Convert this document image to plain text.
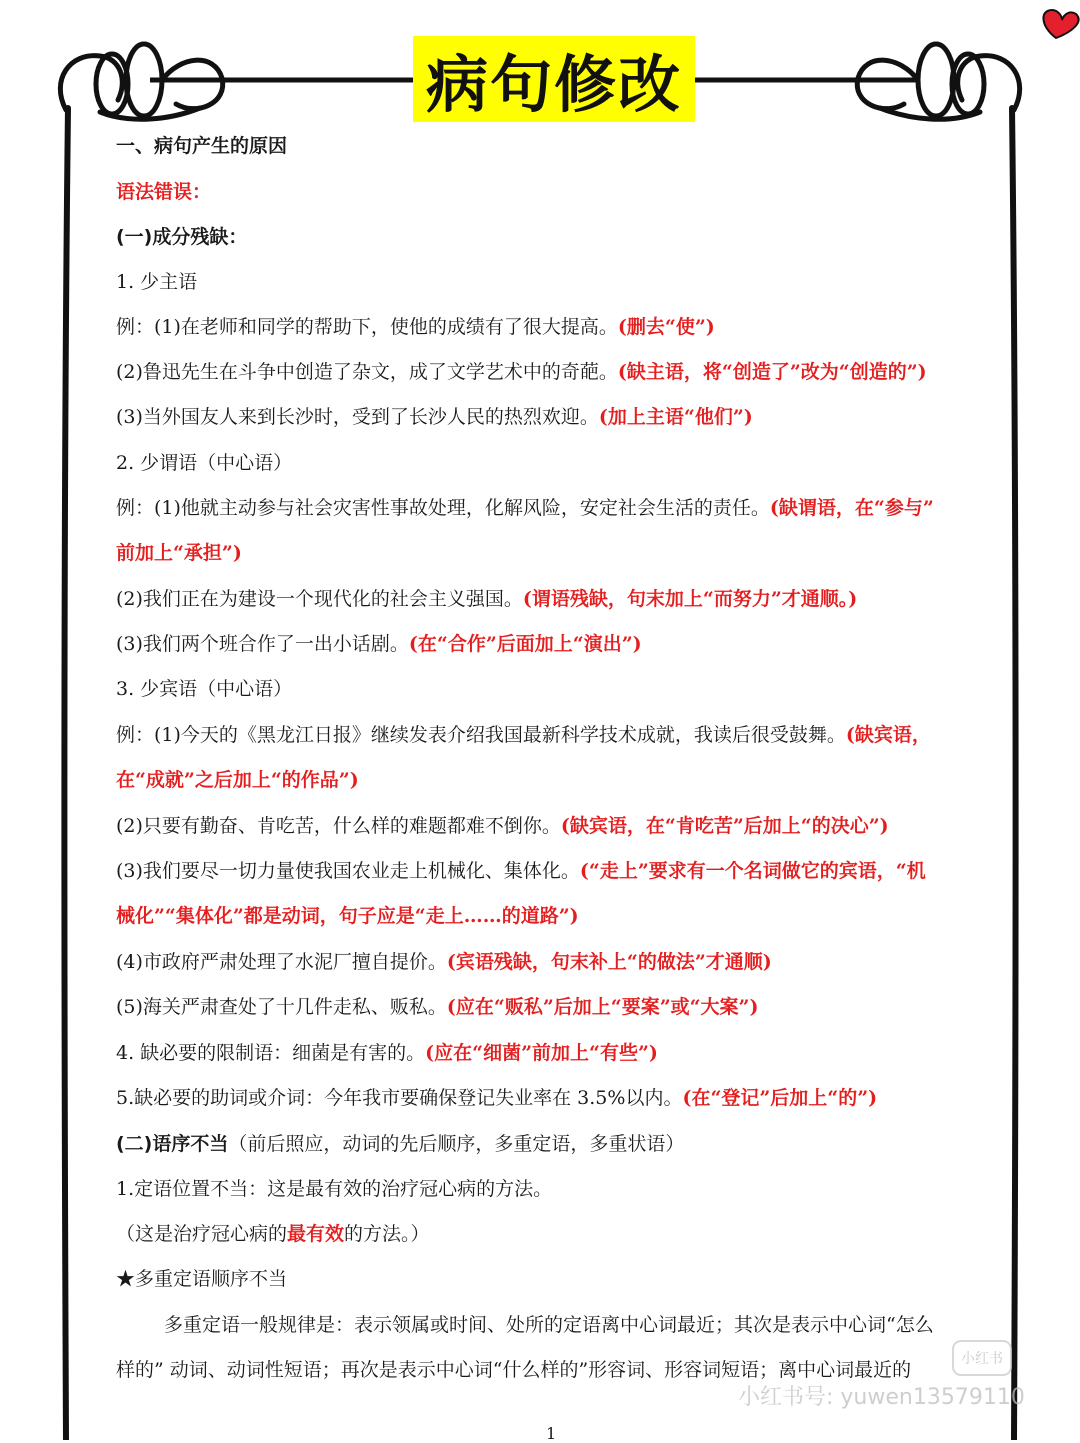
病句修改
一、病句产生的原因
语法错误：
(一)成分残缺：
1. 少主语
例：(1)在老师和同学的帮助下，使他的成绩有了很大提高。(删去“使”)
(2)鲁迅先生在斗争中创造了杂文，成了文学艺术中的奇葩。(缺主语，将“创造了”改为“创造的”)
(3)当外国友人来到长沙时，受到了长沙人民的热烈欢迎。(加上主语“他们”)
2. 少谓语（中心语）
例：(1)他就主动参与社会灾害性事故处理，化解风险，安定社会生活的责任。(缺谓语，在“参与”
前加上“承担”)
(2)我们正在为建设一个现代化的社会主义强国。(谓语残缺，句末加上“而努力”才通顺。)
(3)我们两个班合作了一出小话剧。(在“合作”后面加上“演出”)
3. 少宾语（中心语）
例：(1)今天的《黑龙江日报》继续发表介绍我国最新科学技术成就，我读后很受鼓舞。(缺宾语，
在“成就”之后加上“的作品”)
(2)只要有勤奋、肯吃苦，什么样的难题都难不倒你。(缺宾语，在“肯吃苦”后加上“的决心”)
(3)我们要尽一切力量使我国农业走上机械化、集体化。(“走上”要求有一个名词做它的宾语，“机
械化”“集体化”都是动词，句子应是“走上……的道路”)
(4)市政府严肃处理了水泥厂擅自提价。(宾语残缺，句末补上“的做法”才通顺)
(5)海关严肃查处了十几件走私、贩私。(应在“贩私”后加上“要案”或“大案”)
4. 缺必要的限制语：细菌是有害的。(应在“细菌”前加上“有些”)
5.缺必要的助词或介词：今年我市要确保登记失业率在 3.5%以内。(在“登记”后加上“的”)
(二)语序不当（前后照应，动词的先后顺序，多重定语，多重状语）
1.定语位置不当：这是最有效的治疗冠心病的方法。
（这是治疗冠心病的最有效的方法。）
★多重定语顺序不当
多重定语一般规律是：表示领属或时间、处所的定语离中心词最近；其次是表示中心词“怎么
样的” 动词、动词性短语；再次是表示中心词“什么样的”形容词、形容词短语；离中心词最近的	小红书
小红书号: yuwen13579110
1
